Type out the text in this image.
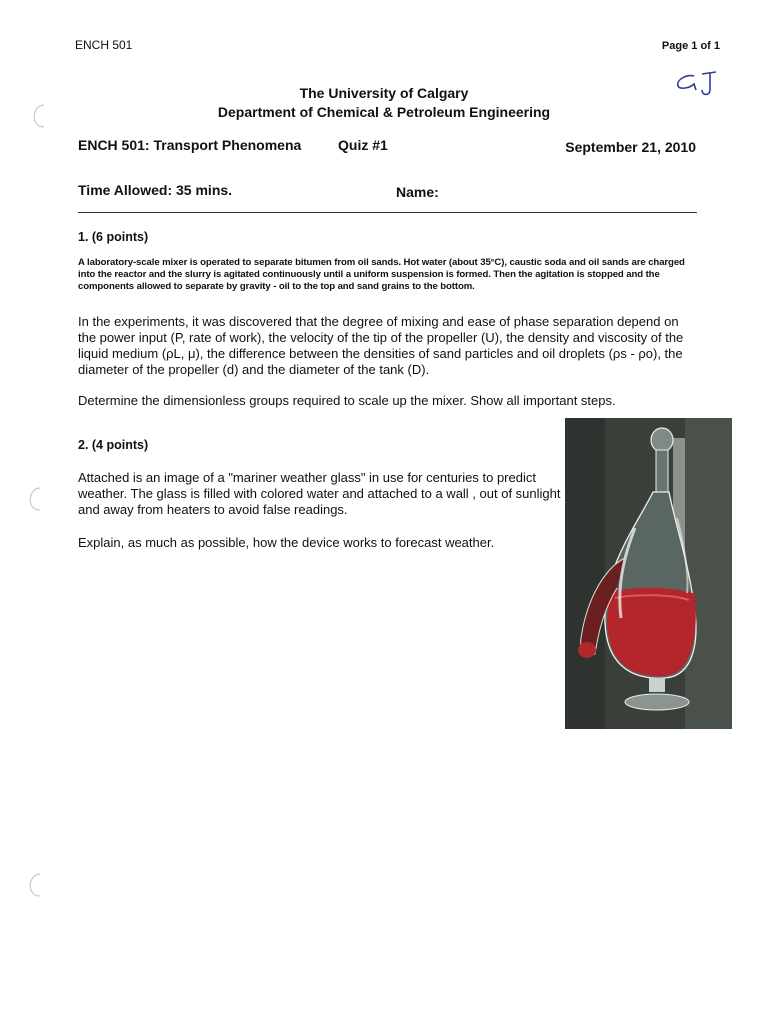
ENCH 501	Page 1 of 1
The University of Calgary
Department of Chemical & Petroleum Engineering
ENCH 501: Transport Phenomena	Quiz #1	September 21, 2010
Time Allowed: 35 mins.	Name:
1. (6 points)
A laboratory-scale mixer is operated to separate bitumen from oil sands. Hot water (about 35°C), caustic soda and oil sands are charged into the reactor and the slurry is agitated continuously until a uniform suspension is formed. Then the agitation is stopped and the components allowed to separate by gravity - oil to the top and sand grains to the bottom.
In the experiments, it was discovered that the degree of mixing and ease of phase separation depend on the power input (P, rate of work), the velocity of the tip of the propeller (U), the density and viscosity of the liquid medium (ρL, μ), the difference between the densities of sand particles and oil droplets (ρs - ρo), the diameter of the propeller (d) and the diameter of the tank (D).
Determine the dimensionless groups required to scale up the mixer. Show all important steps.
2. (4 points)
Attached is an image of a "mariner weather glass" in use for centuries to predict weather. The glass is filled with colored water and attached to a wall , out of sunlight and away from heaters to avoid false readings.
Explain, as much as possible, how the device works to forecast weather.
